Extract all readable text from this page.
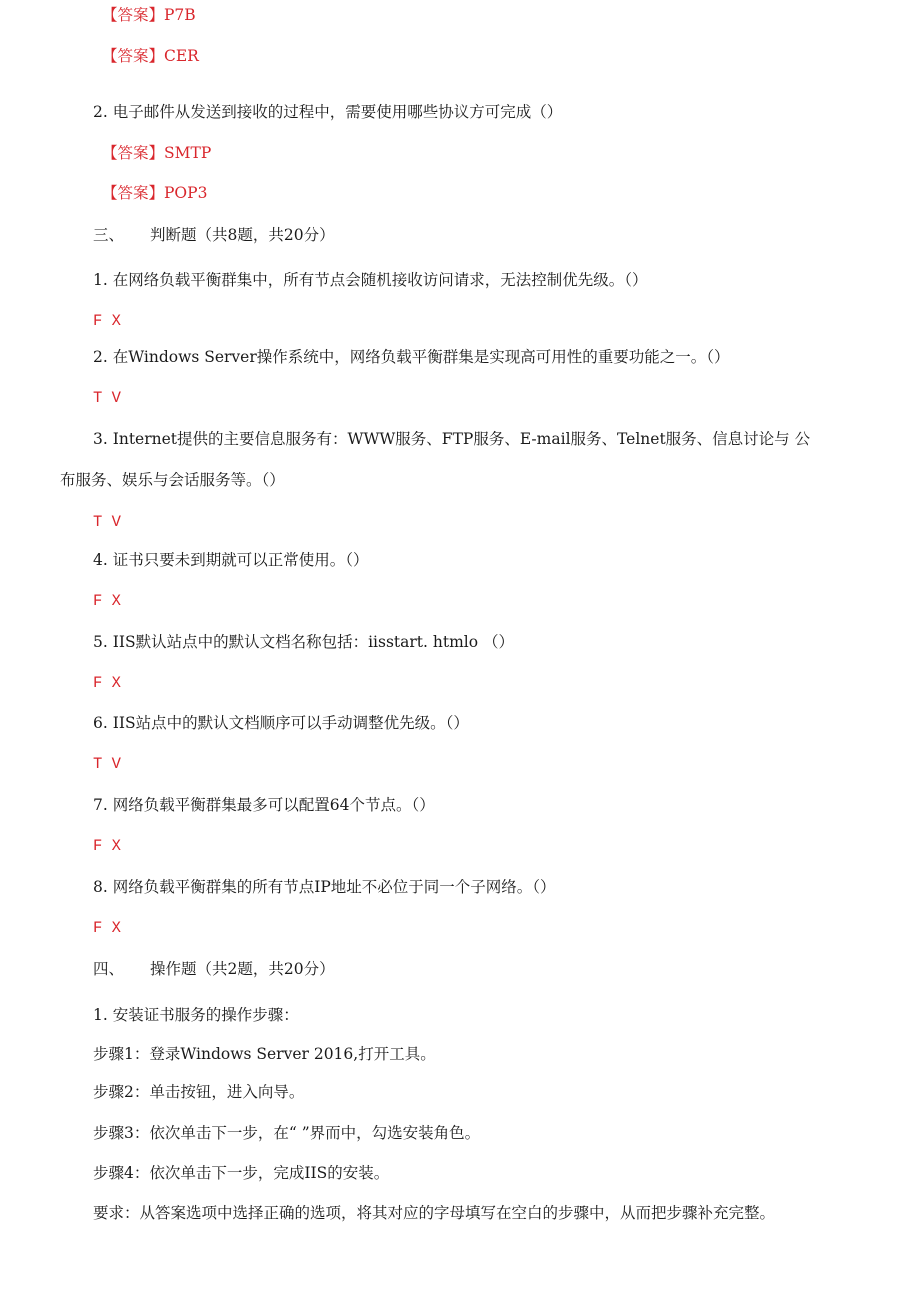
【答案】P7B
【答案】CER
2. 电子邮件从发送到接收的过程中，需要使用哪些协议方可完成（）
【答案】SMTP
【答案】POP3
三、 判断题（共8题，共20分）
1. 在网络负载平衡群集中，所有节点会随机接收访问请求，无法控制优先级。（）
F X
2. 在Windows Server操作系统中，网络负载平衡群集是实现高可用性的重要功能之一。（）
T V
3. Internet提供的主要信息服务有：WWW服务、FTP服务、E-mail服务、Telnet服务、信息讨论与 公
布服务、娱乐与会话服务等。（）
T V
4. 证书只要未到期就可以正常使用。（）
F X
5. IIS默认站点中的默认文档名称包括：iisstart. htmlo （）
F X
6. IIS站点中的默认文档顺序可以手动调整优先级。（）
T V
7. 网络负载平衡群集最多可以配置64个节点。（）
F X
8. 网络负载平衡群集的所有节点IP地址不必位于同一个子网络。（）
F X
四、 操作题（共2题，共20分）
1. 安装证书服务的操作步骤：
步骤1：登录Windows Server 2016,打开工具。
步骤2：单击按钮，进入向导。
步骤3：依次单击下一步，在“ ”界而中，勾选安装角色。
步骤4：依次单击下一步，完成IIS的安装。
要求：从答案选项中选择正确的选项，将其对应的字母填写在空白的步骤中，从而把步骤补充完整。
